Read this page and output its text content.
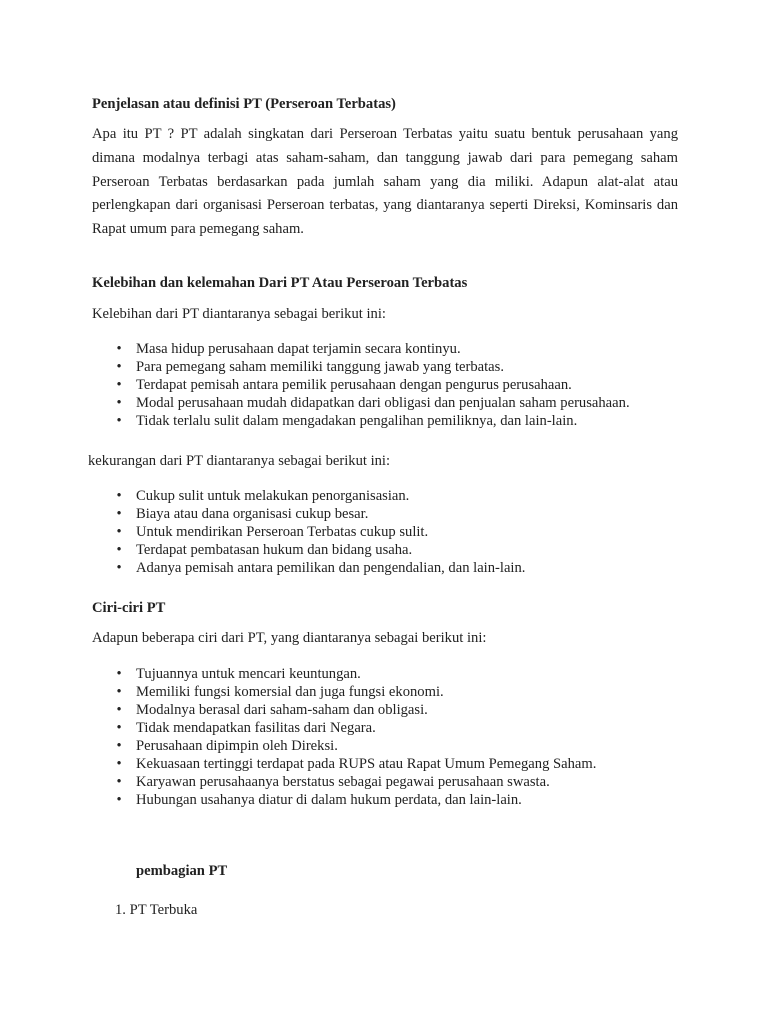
Penjelasan atau definisi PT (Perseroan Terbatas)
Apa itu PT ? PT adalah singkatan dari Perseroan Terbatas yaitu suatu bentuk perusahaan yang dimana modalnya terbagi atas saham-saham, dan tanggung jawab dari para pemegang saham Perseroan Terbatas berdasarkan pada jumlah saham yang dia miliki. Adapun alat-alat atau perlengkapan dari organisasi Perseroan terbatas, yang diantaranya seperti Direksi, Kominsaris dan Rapat umum para pemegang saham.
Kelebihan dan kelemahan Dari PT Atau Perseroan Terbatas
Kelebihan dari PT diantaranya sebagai berikut ini:
• Masa hidup perusahaan dapat terjamin secara kontinyu.
• Para pemegang saham memiliki tanggung jawab yang terbatas.
• Terdapat pemisah antara pemilik perusahaan dengan pengurus perusahaan.
• Modal perusahaan mudah didapatkan dari obligasi dan penjualan saham perusahaan.
• Tidak terlalu sulit dalam mengadakan pengalihan pemiliknya, dan lain-lain.
kekurangan dari PT diantaranya sebagai berikut ini:
• Cukup sulit untuk melakukan penorganisasian.
• Biaya atau dana organisasi cukup besar.
• Untuk mendirikan Perseroan Terbatas cukup sulit.
• Terdapat pembatasan hukum dan bidang usaha.
• Adanya pemisah antara pemilikan dan pengendalian, dan lain-lain.
Ciri-ciri PT
Adapun beberapa ciri dari PT, yang diantaranya sebagai berikut ini:
• Tujuannya untuk mencari keuntungan.
• Memiliki fungsi komersial dan juga fungsi ekonomi.
• Modalnya berasal dari saham-saham dan obligasi.
• Tidak mendapatkan fasilitas dari Negara.
• Perusahaan dipimpin oleh Direksi.
• Kekuasaan tertinggi terdapat pada RUPS atau Rapat Umum Pemegang Saham.
• Karyawan perusahaanya berstatus sebagai pegawai perusahaan swasta.
• Hubungan usahanya diatur di dalam hukum perdata, dan lain-lain.
pembagian PT
1. PT Terbuka
